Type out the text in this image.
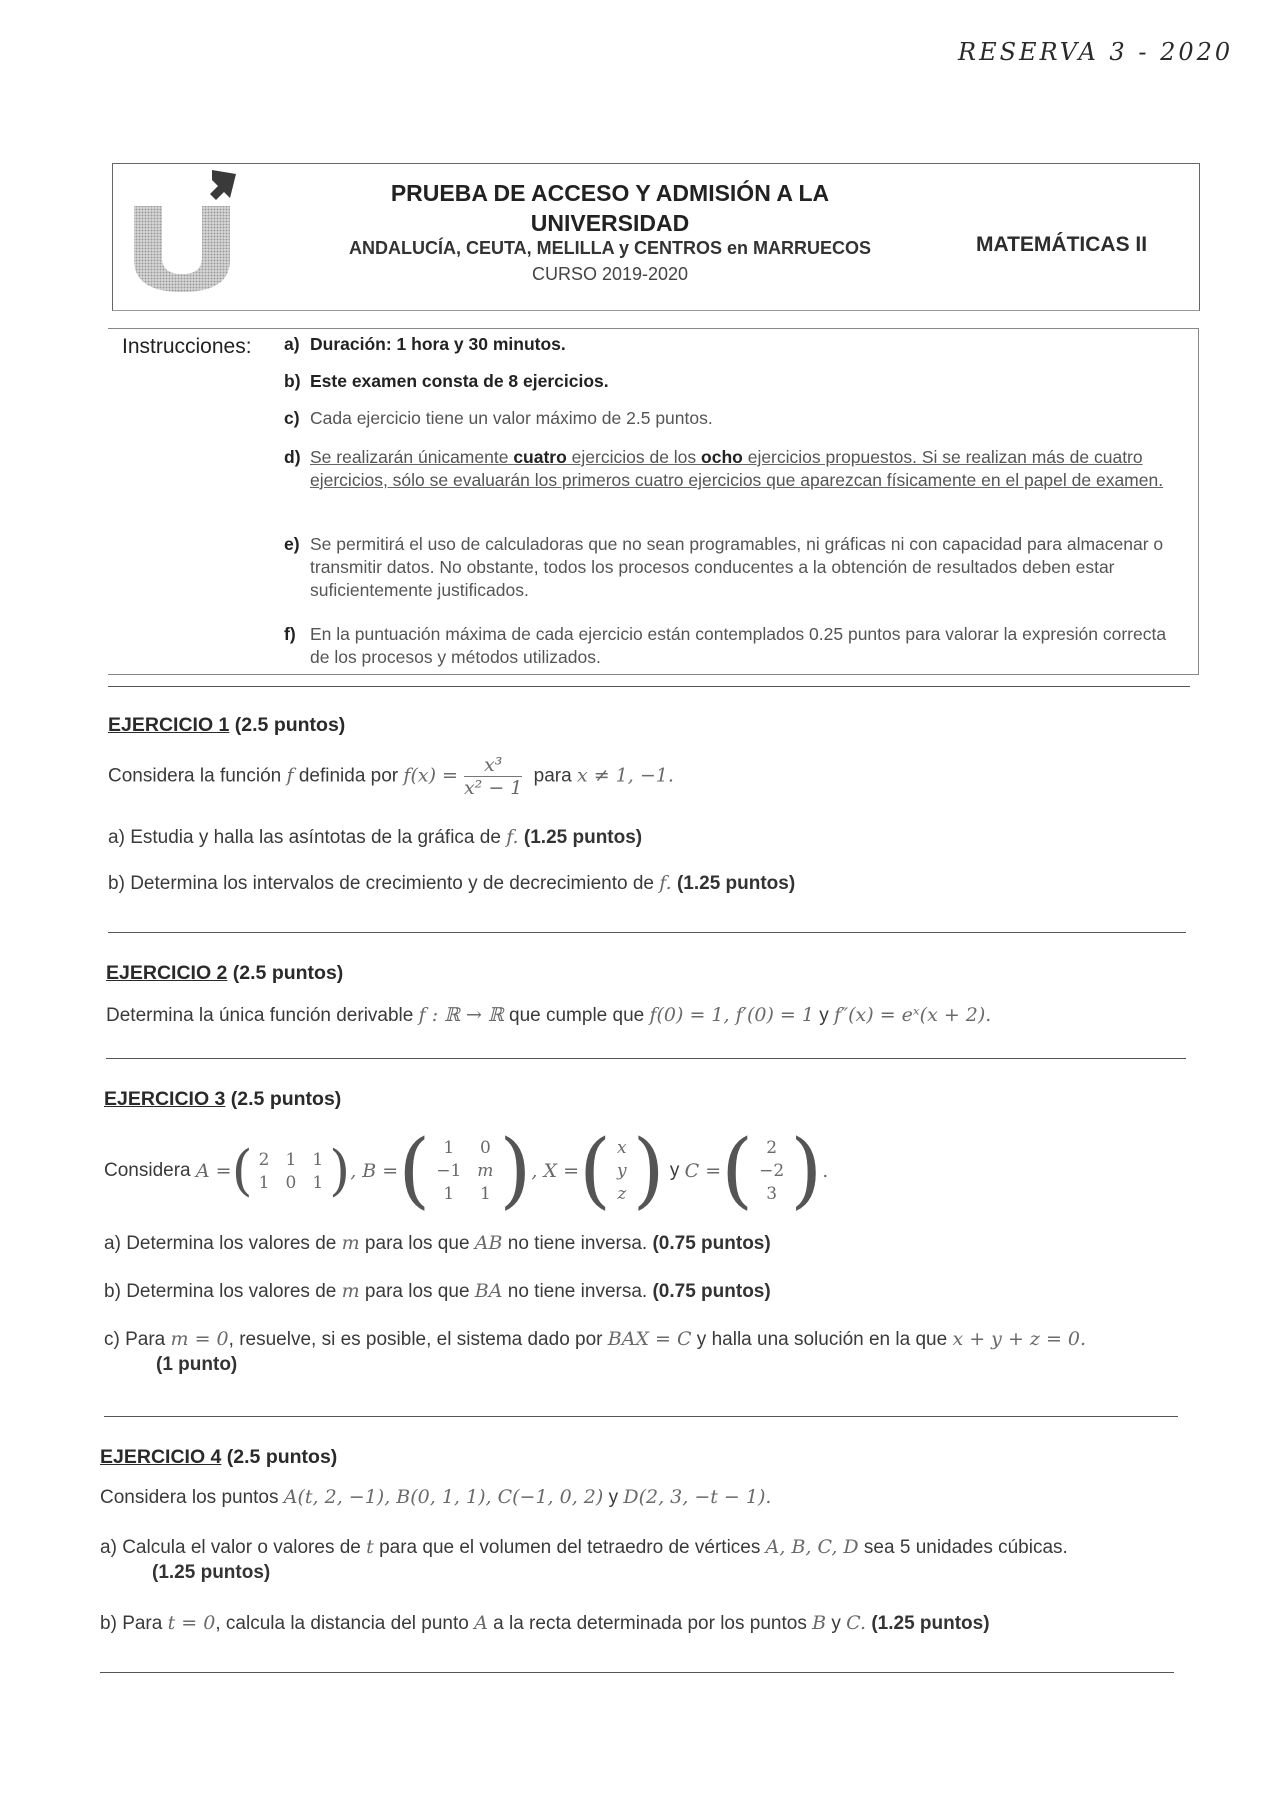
RESERVA 3 - 2020
PRUEBA DE ACCESO Y ADMISIÓN A LA
UNIVERSIDAD
ANDALUCÍA, CEUTA, MELILLA y CENTROS en MARRUECOS
CURSO 2019-2020
MATEMÁTICAS II
Instrucciones: a) Duración: 1 hora y 30 minutos.
b) Este examen consta de 8 ejercicios.
c) Cada ejercicio tiene un valor máximo de 2.5 puntos.
d) Se realizarán únicamente cuatro ejercicios de los ocho ejercicios propuestos. Si se realizan más de cuatro ejercicios, sólo se evaluarán los primeros cuatro ejercicios que aparezcan físicamente en el papel de examen.
e) Se permitirá el uso de calculadoras que no sean programables, ni gráficas ni con capacidad para almacenar o transmitir datos. No obstante, todos los procesos conducentes a la obtención de resultados deben estar suficientemente justificados.
f) En la puntuación máxima de cada ejercicio están contemplados 0.25 puntos para valorar la expresión correcta de los procesos y métodos utilizados.
EJERCICIO 1 (2.5 puntos)
Considera la función f definida por $f(x) = \frac{\text{x³}}{\text{x² − 1}}$ para x ≠ 1, −1.
a) Estudia y halla las asíntotas de la gráfica de f. (1.25 puntos)
b) Determina los intervalos de crecimiento y de decrecimiento de f. (1.25 puntos)
EJERCICIO 2 (2.5 puntos)
Determina la única función derivable f : ℝ → ℝ que cumple que f(0) = 1, f′(0) = 1 y f″(x) = eˣ(x + 2).
EJERCICIO 3 (2.5 puntos)
Considera
A = ( 2 1 1
1 0 1 ) , B = ( 1	0
−1 m
1	1 ) , X = ( x
y
z )
y
C = ( 2
−2
3 ) .
a) Determina los valores de m para los que AB no tiene inversa. (0.75 puntos)
b) Determina los valores de m para los que BA no tiene inversa. (0.75 puntos)
c) Para m = 0, resuelve, si es posible, el sistema dado por BAX = C y halla una solución en la que x + y + z = 0.
(1 punto)
EJERCICIO 4 (2.5 puntos)
Considera los puntos A(t, 2, −1), B(0, 1, 1), C(−1, 0, 2) y D(2, 3, −t − 1).
a) Calcula el valor o valores de t para que el volumen del tetraedro de vértices A, B, C, D sea 5 unidades cúbicas.
(1.25 puntos)
b) Para t = 0, calcula la distancia del punto A a la recta determinada por los puntos B y C. (1.25 puntos)
